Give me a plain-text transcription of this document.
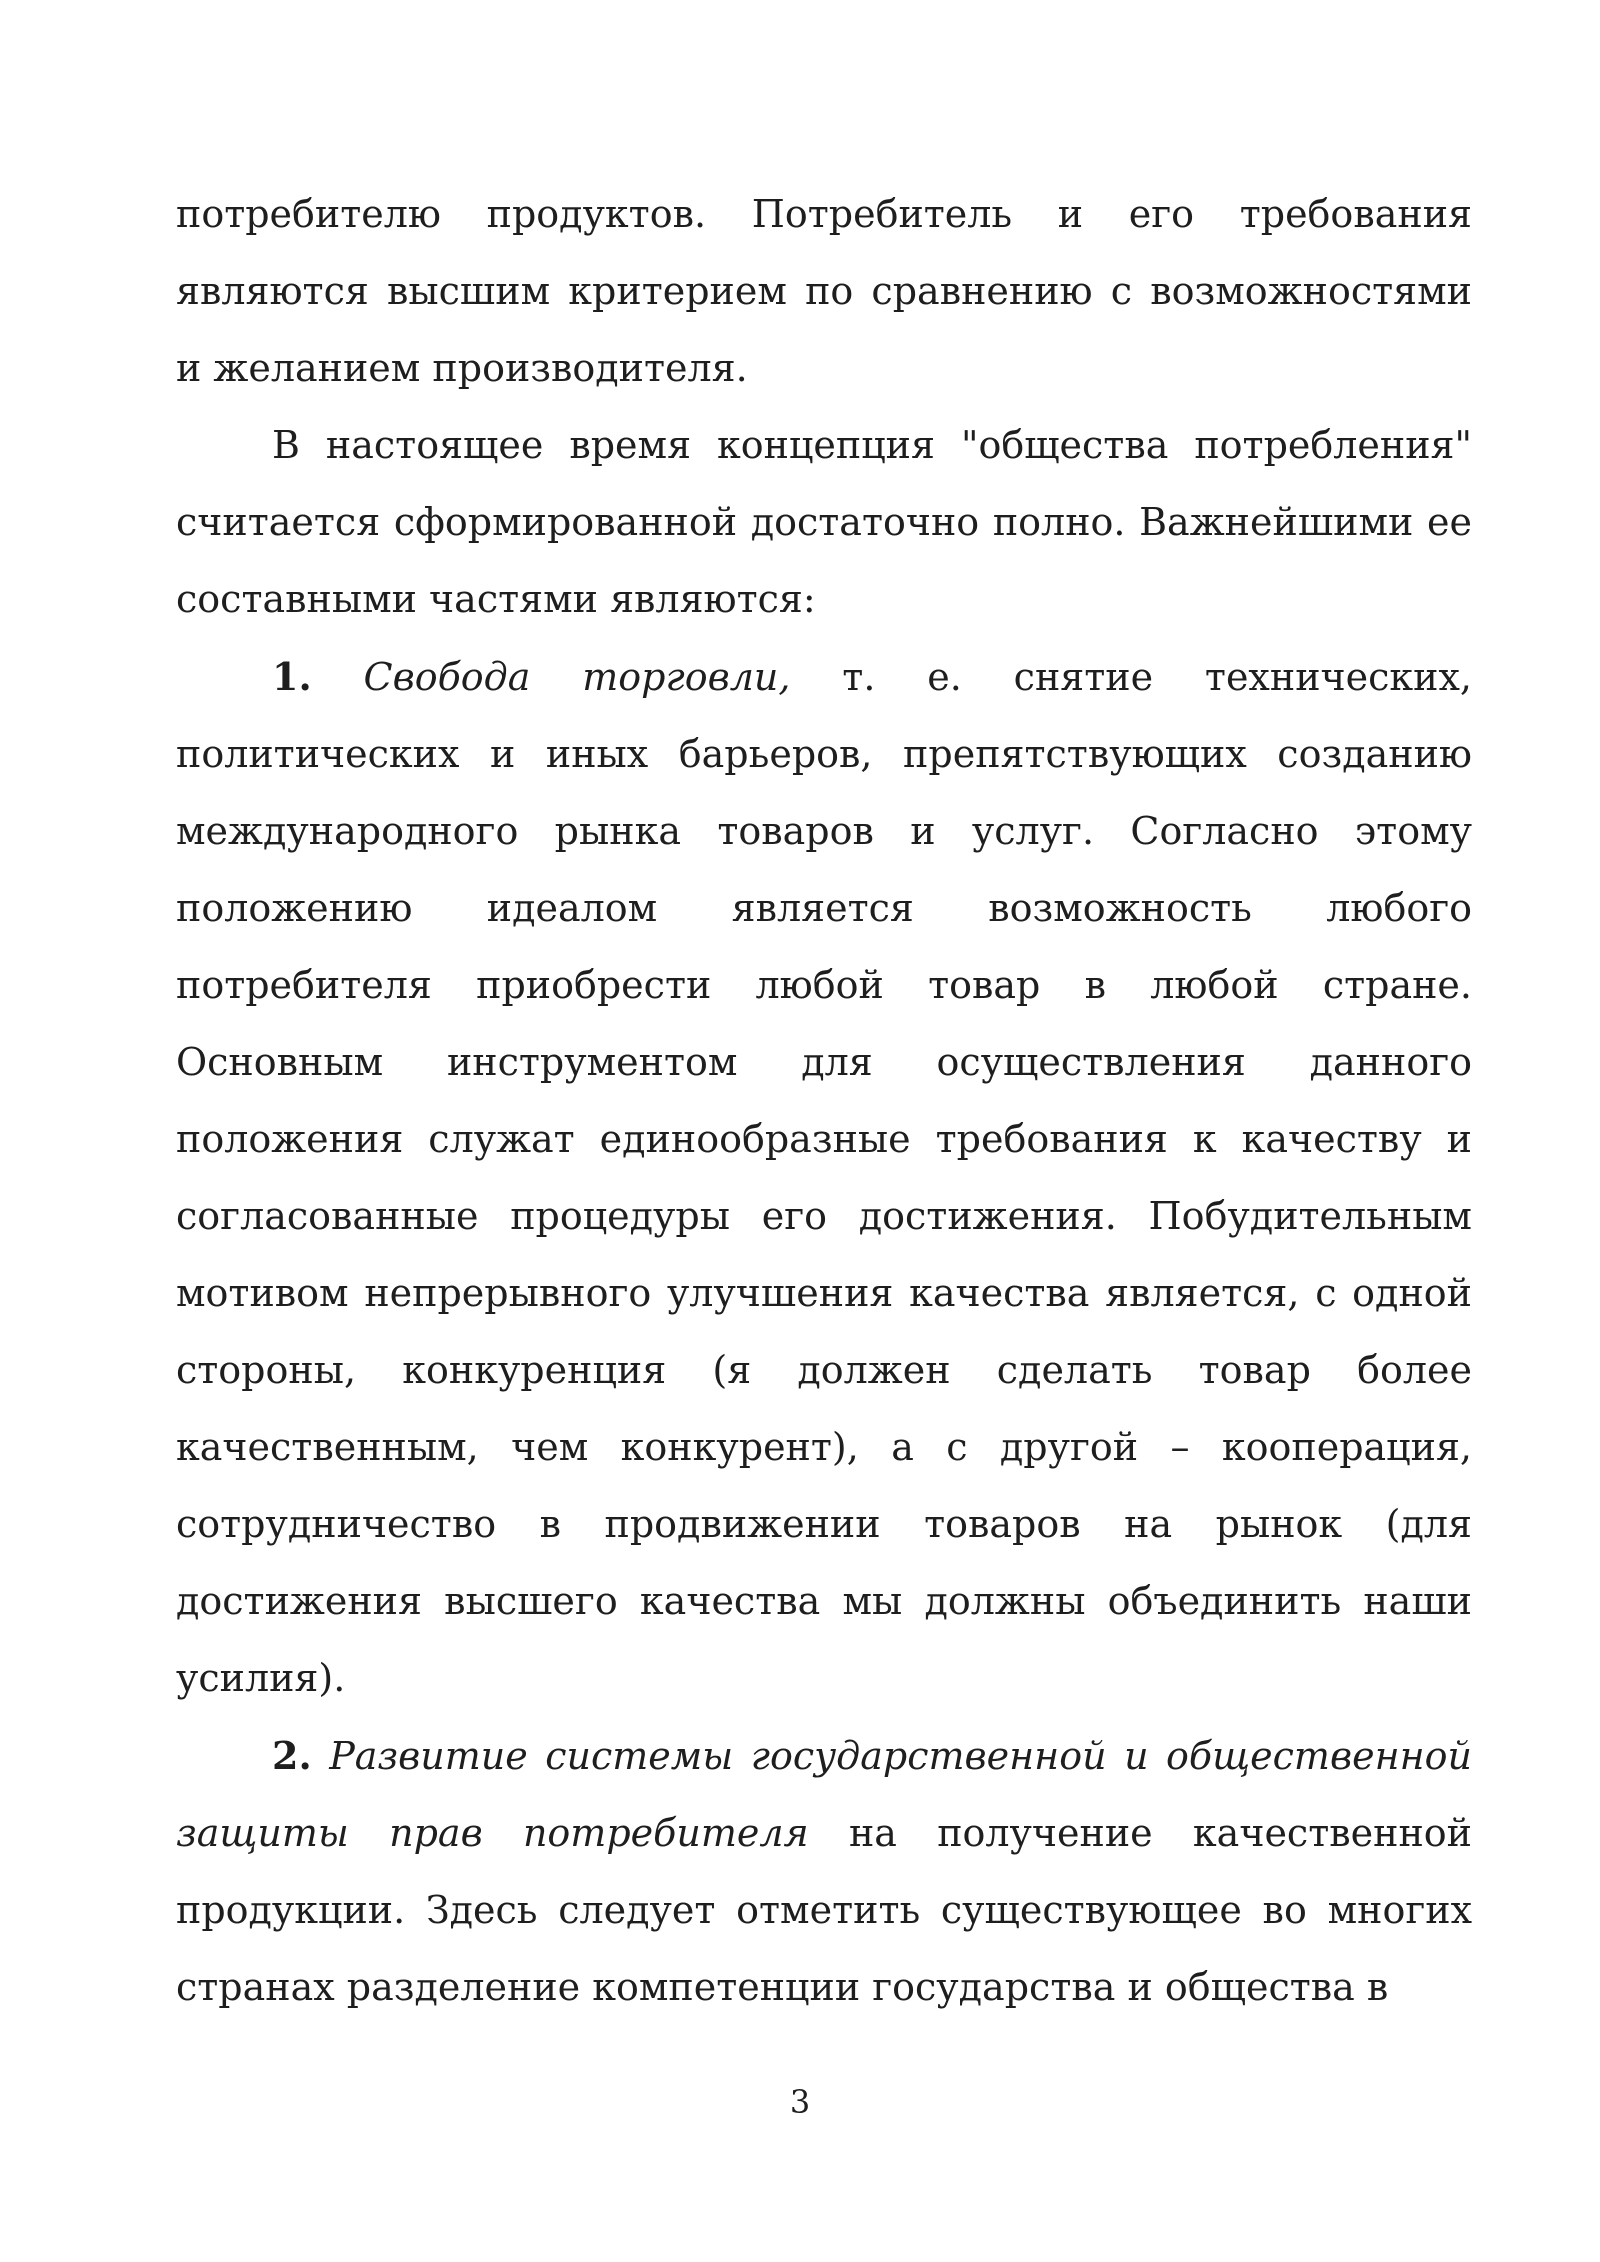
потребителю продуктов. Потребитель и его требования являются высшим критерием по сравнению с возможностями и желанием производителя.

В настоящее время концепция "общества потребления" считается сформированной достаточно полно. Важнейшими ее составными частями являются:

1. Свобода торговли, т. е. снятие технических, политических и иных барьеров, препятствующих созданию международного рынка товаров и услуг. Согласно этому положению идеалом является возможность любого потребителя приобрести любой товар в любой стране. Основным инструментом для осуществления данного положения служат единообразные требования к качеству и согласованные процедуры его достижения. Побудительным мотивом непрерывного улучшения качества является, с одной стороны, конкуренция (я должен сделать товар более качественным, чем конкурент), а с другой – кооперация, сотрудничество в продвижении товаров на рынок (для достижения высшего качества мы должны объединить наши усилия).

2. Развитие системы государственной и общественной защиты прав потребителя на получение качественной продукции. Здесь следует отметить существующее во многих странах разделение компетенции государства и общества в

3
